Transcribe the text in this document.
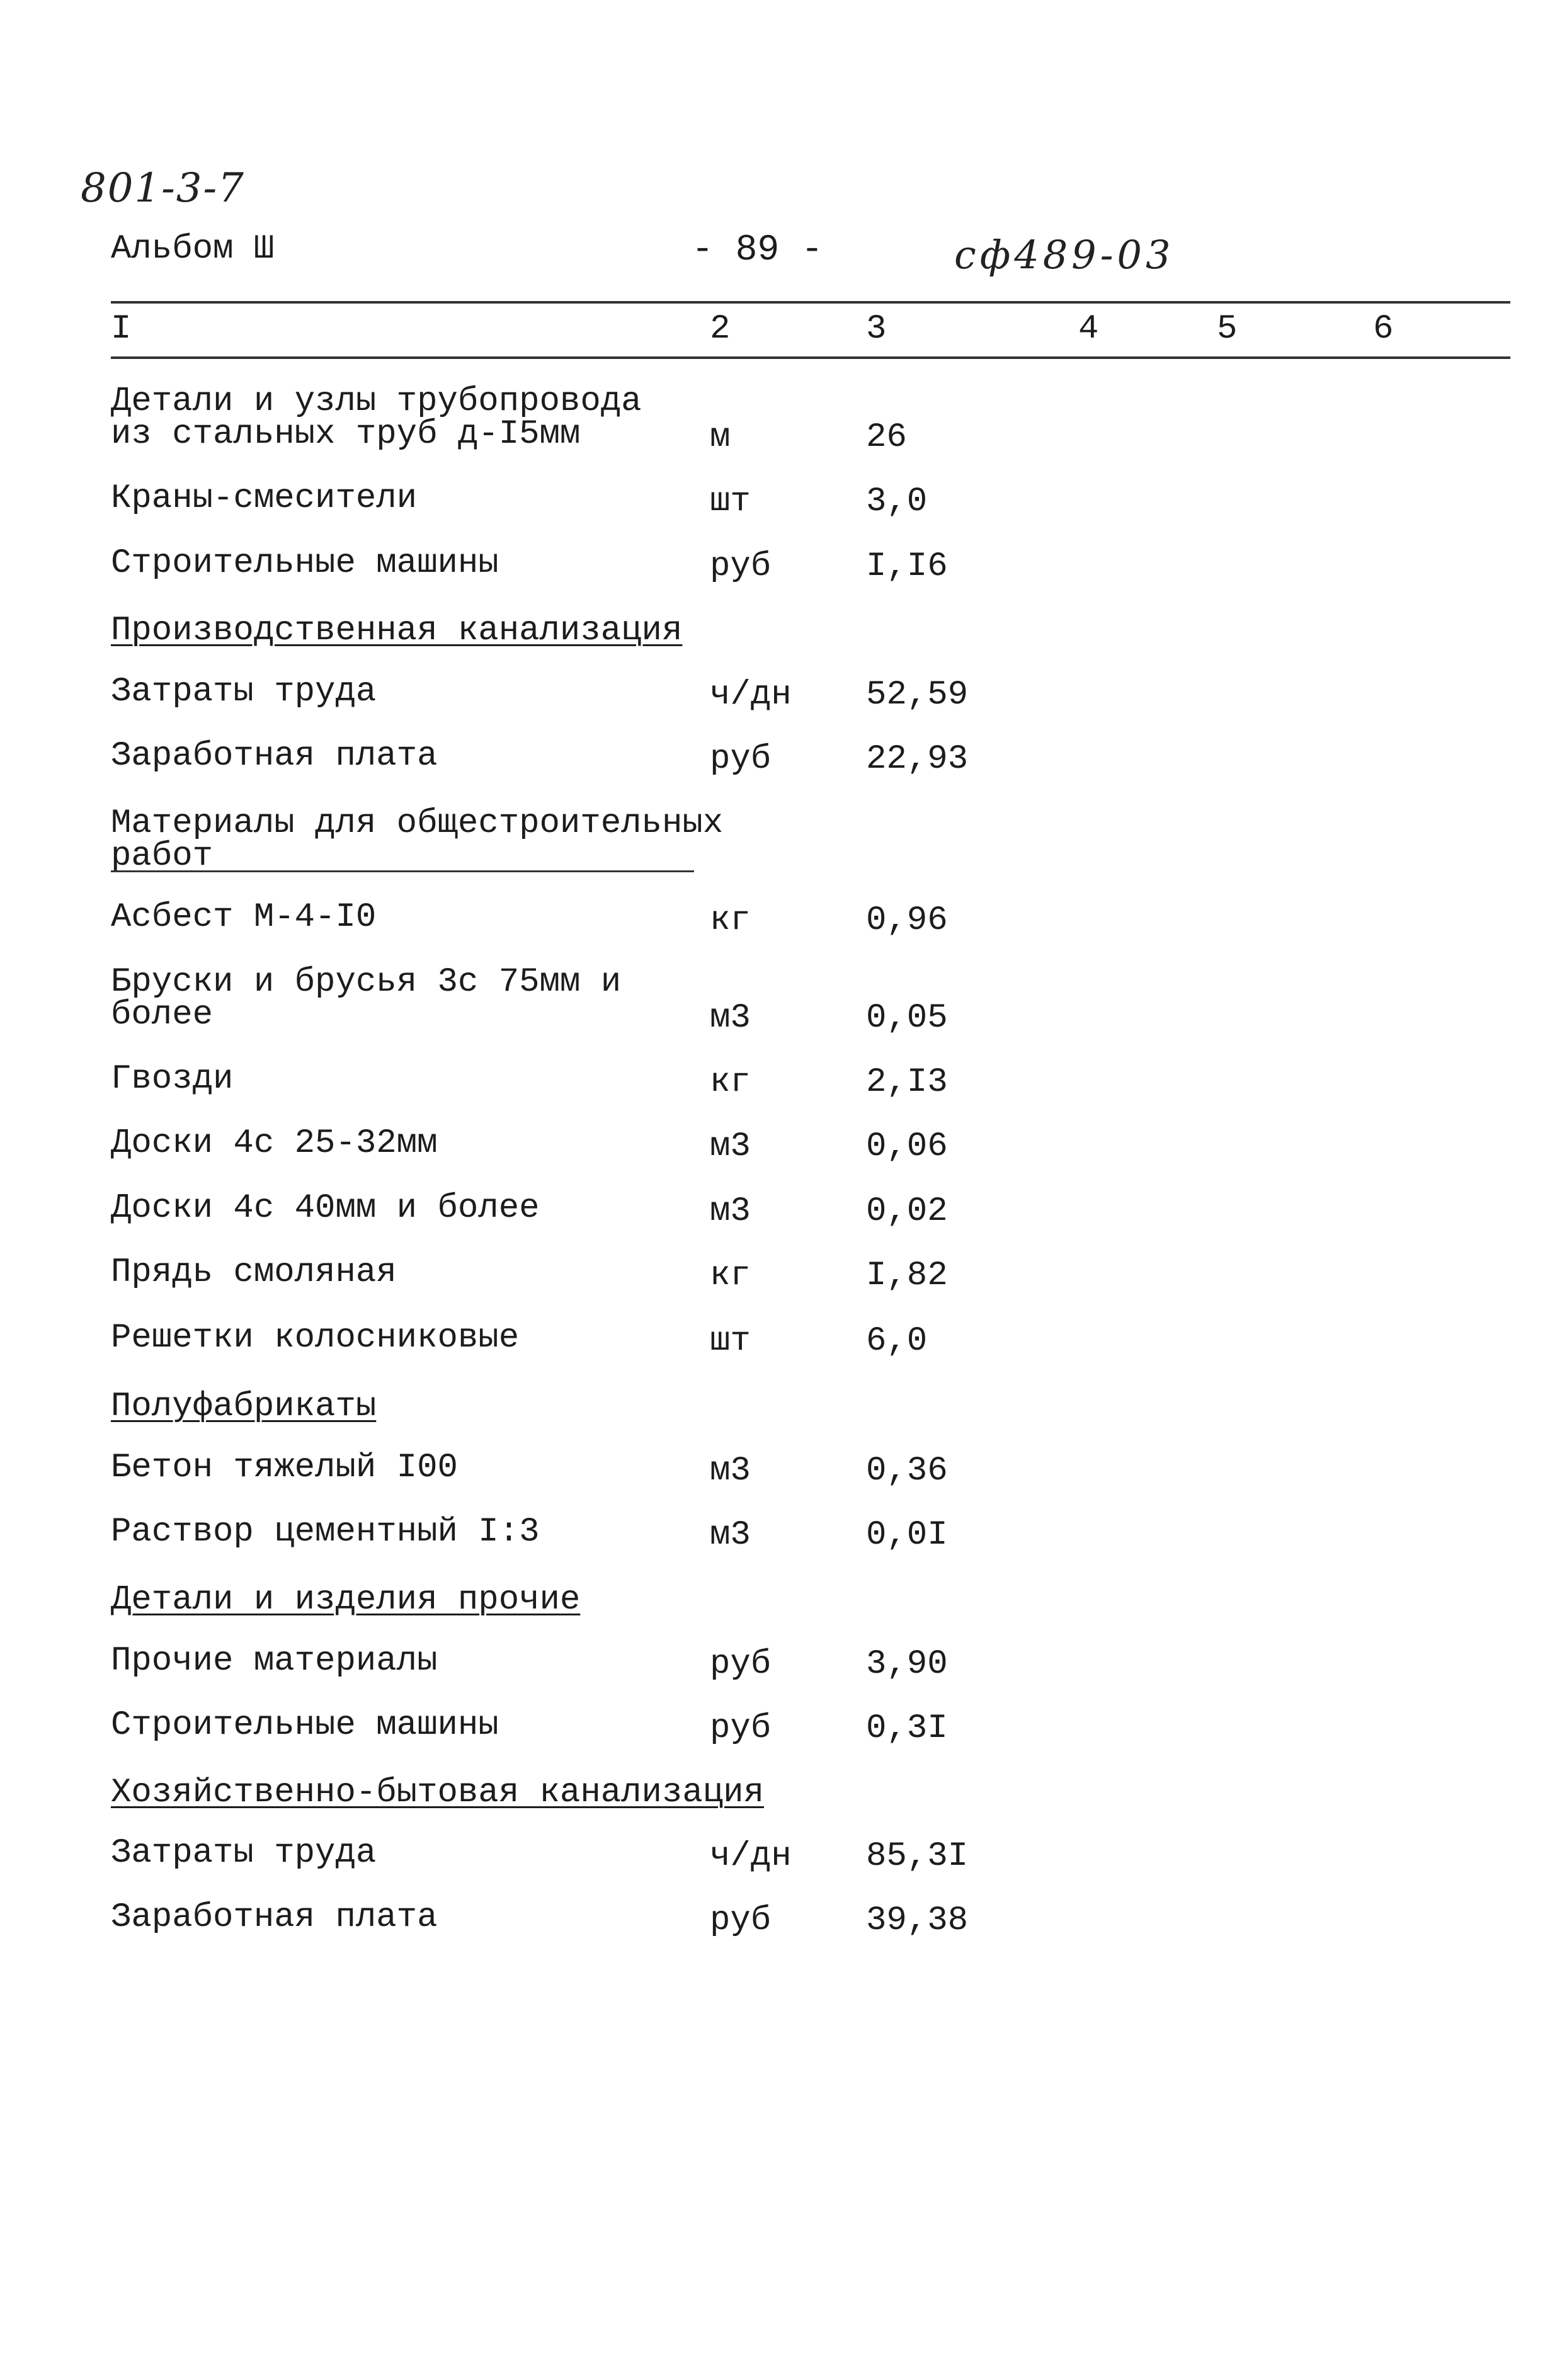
801-3-7
Альбом Ш	- 89 -	сф489-03
I	2	3	4	5	6
Детали и узлы трубопровода
из стальных труб д-I5мм	м	26
Краны-смесители	шт	3,0
Строительные машины	руб	I,I6
Производственная канализация
Затраты труда	ч/дн 52,59
Заработная плата	руб	22,93
Материалы для общестроительных
работ
Асбест М-4-I0	кг	0,96
Бруски и брусья 3с 75мм и
более	м3	0,05
Гвозди	кг	2,I3
Доски 4с 25-32мм	м3	0,06
Доски 4с 40мм и более	м3	0,02
Прядь смоляная	кг	I,82
Решетки колосниковые	шт	6,0
Полуфабрикаты
Бетон тяжелый I00	м3	0,36
Раствор цементный I:3	м3	0,0I
Детали и изделия прочие
Прочие материалы	руб	3,90
Строительные машины	руб	0,3I
Хозяйственно-бытовая канализация
Затраты труда	ч/дн 85,3I
Заработная плата	руб	39,38
